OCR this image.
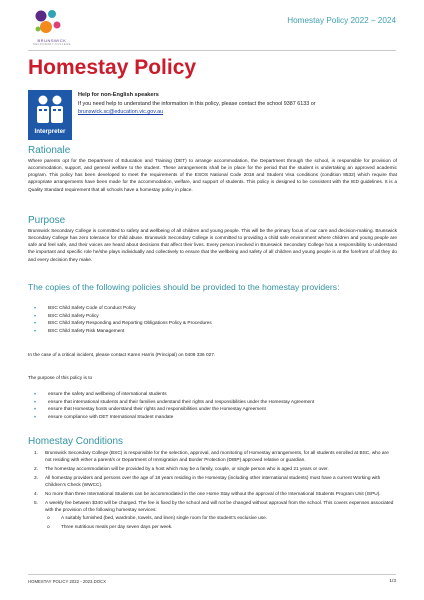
BRUNSWICK
SECONDARY COLLEGE
Homestay Policy 2022 – 2024
Homestay Policy
Interpreter
Help for non-English speakers
If you need help to understand the information in this policy, please contact the school 9387 6133 or
brunswick.sc@education.vic.gov.au
Rationale
Where parents opt for the Department of Education and Training (DET) to arrange accommodation, the Department through the school, is responsible for provision of accommodation, support, and general welfare to the student. These arrangements shall be in place for the period that the student is undertaking an approved academic program. This policy has been developed to meet the requirements of the ESOS National Code 2018 and Student Visa conditions (condition 8532) which require that appropriate arrangements have been made for the accommodation, welfare, and support of students. This policy is designed to be consistent with the IED guidelines. It is a Quality Standard requirement that all schools have a homestay policy in place.
Purpose
Brunswick Secondary College is committed to safety and wellbeing of all children and young people. This will be the primary focus of our care and decision-making. Brunswick Secondary College has zero tolerance for child abuse. Brunswick Secondary College is committed to providing a child safe environment where children and young people are safe and feel safe, and their voices are heard about decisions that affect their lives. Every person involved in Brunswick Secondary College has a responsibility to understand the important and specific role he/she plays individually and collectively to ensure that the wellbeing and safety of all children and young people is at the forefront of all they do and every decision they make.
The copies of the following policies should be provided to the homestay providers:
• BSC Child Safety Code of Conduct Policy
• BSC Child Safety Policy
• BSC Child Safety Responding and Reporting Obligations Policy & Procedures
• BSC Child Safety Risk Management
In the case of a critical incident, please contact Karen Harris (Principal) on 0409 336 027.
The purpose of this policy is to
• ensure the safety and wellbeing of international students
• ensure that international students and their families understand their rights and responsibilities under the Homestay Agreement
• ensure that Homestay hosts understand their rights and responsibilities under the Homestay Agreement
• ensure compliance with DET International Student mandate
Homestay Conditions
1. Brunswick Secondary College (BSC) is responsible for the selection, approval, and monitoring of Homestay arrangements, for all students enrolled at BSC, who are not residing with either a parent/s or Department of Immigration and Border Protection (DIBP) approved relative or guardian.
2. The homestay accommodation will be provided by a host which may be a family, couple, or single person who is aged 21 years or over.
3. All homestay providers and persons over the age of 18 years residing in the Homestay (including other international students) must have a current Working with Children's Check (WWCC).
4. No more than three International Students can be accommodated in the one Home Stay without the approval of the International Students Program Unit (ISPU).
5. A weekly fee between $340 will be charged. The fee is fixed by the school and will not be changed without approval from the school. This covers expenses associated with the provision of the following homestay services:
o A suitably furnished (bed, wardrobe, towels, and linen) single room for the student's exclusive use.
o Three nutritious meals per day seven days per week.
HOMESTAY POLICY 2022 - 2023.DOCX	1/3
